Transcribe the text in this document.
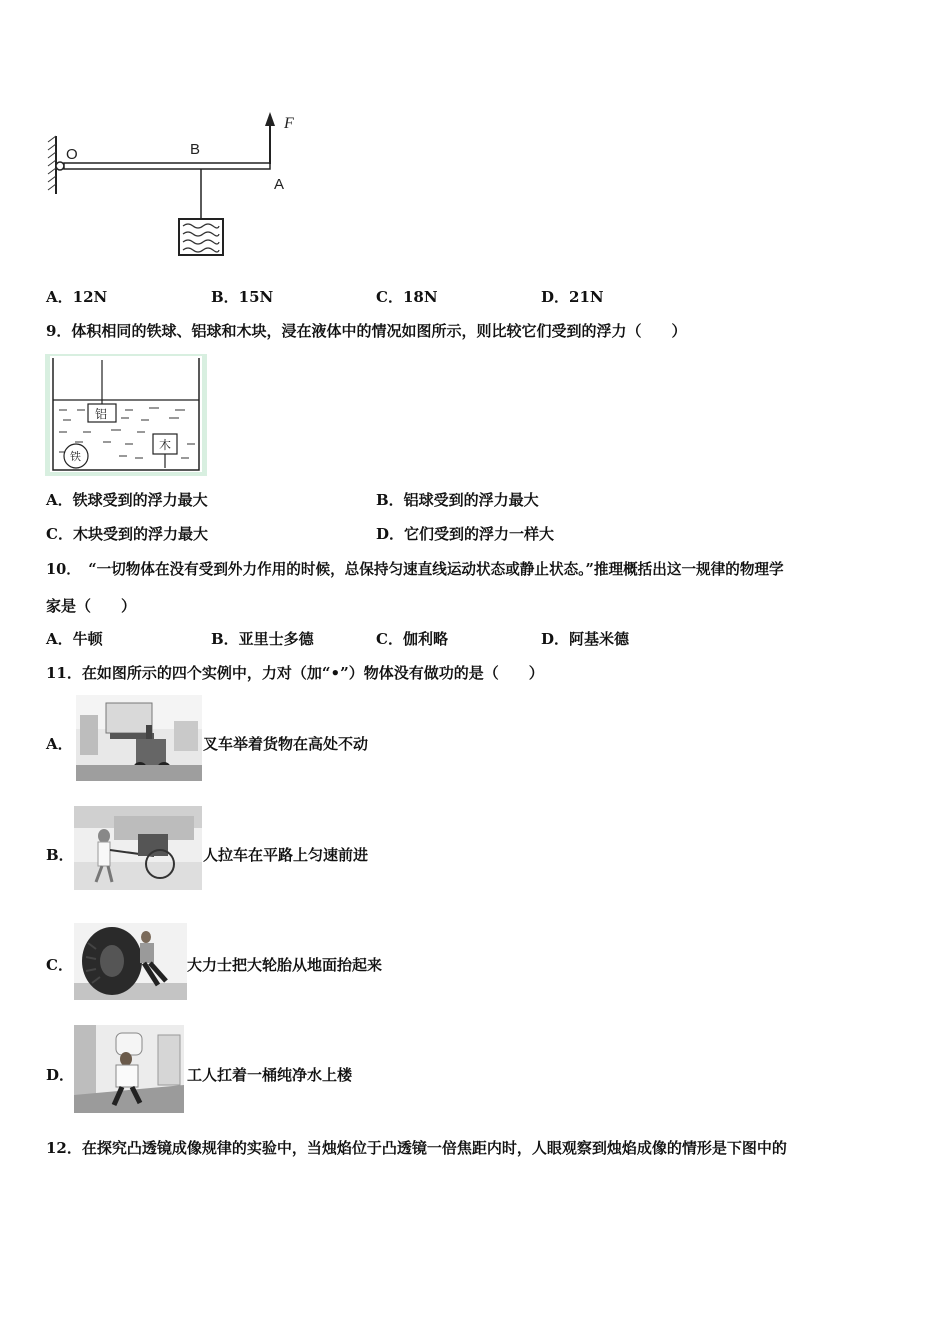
O	B
A
F
A．12N	B．15N	C．18N	D．21N
9．体积相同的铁球、铝球和木块，浸在液体中的情况如图所示，则比较它们受到的浮力（　　）
铝
木
铁
A．铁球受到的浮力最大	B．铝球受到的浮力最大
C．木块受到的浮力最大	D．它们受到的浮力一样大
10．　“一切物体在没有受到外力作用的时候，总保持匀速直线运动状态或静止状态。”推理概括出这一规律的物理学
家是（　　）
A．牛顿	B．亚里士多德	C．伽利略	D．阿基米德
11．在如图所示的四个实例中，力对（加“•”）物体没有做功的是（　　）
A．	叉车举着货物在高处不动
B．	人拉车在平路上匀速前进
C．	大力士把大轮胎从地面抬起来
D．	工人扛着一桶纯净水上楼
12．在探究凸透镜成像规律的实验中，当烛焰位于凸透镜一倍焦距内时，人眼观察到烛焰成像的情形是下图中的
